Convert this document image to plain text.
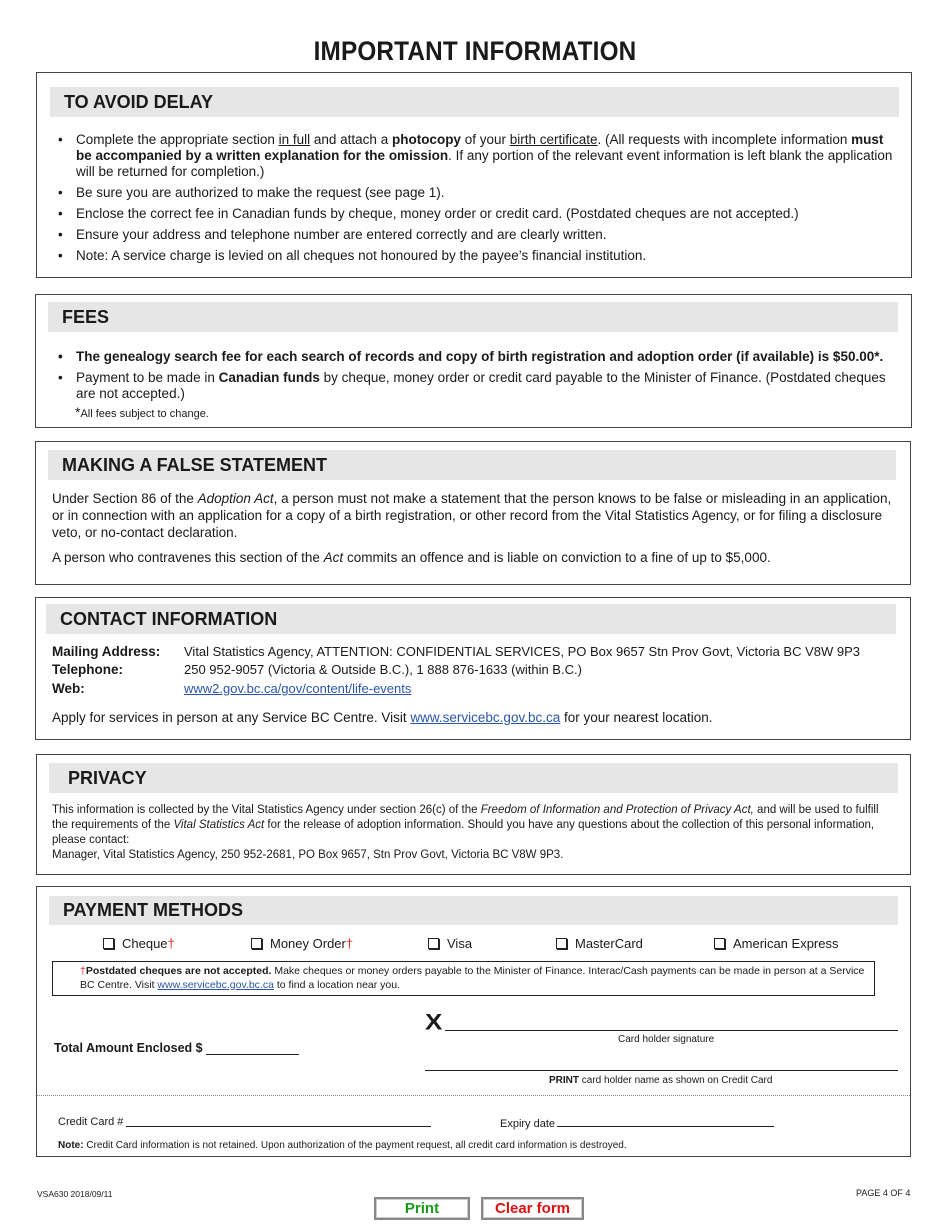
IMPORTANT INFORMATION
TO AVOID DELAY
• Complete the appropriate section in full and attach a photocopy of your birth certificate. (All requests with incomplete information must be accompanied by a written explanation for the omission. If any portion of the relevant event information is left blank the application will be returned for completion.)
• Be sure you are authorized to make the request (see page 1).
• Enclose the correct fee in Canadian funds by cheque, money order or credit card. (Postdated cheques are not accepted.)
• Ensure your address and telephone number are entered correctly and are clearly written.
• Note: A service charge is levied on all cheques not honoured by the payee’s financial institution.
FEES
• The genealogy search fee for each search of records and copy of birth registration and adoption order (if available) is $50.00*.
• Payment to be made in Canadian funds by cheque, money order or credit card payable to the Minister of Finance. (Postdated cheques are not accepted.)
*All fees subject to change.
MAKING A FALSE STATEMENT

Under Section 86 of the Adoption Act, a person must not make a statement that the person knows to be false or misleading in an application, or in connection with an application for a copy of a birth registration, or other record from the Vital Statistics Agency, or for filing a disclosure veto, or no-contact declaration.

A person who contravenes this section of the Act commits an offence and is liable on conviction to a fine of up to $5,000.

CONTACT INFORMATION
Mailing Address: Vital Statistics Agency, ATTENTION: CONFIDENTIAL SERVICES, PO Box 9657 Stn Prov Govt, Victoria BC V8W 9P3
Telephone:	250 952-9057 (Victoria & Outside B.C.), 1 888 876-1633 (within B.C.)
Web:	www2.gov.bc.ca/gov/content/life-events
Apply for services in person at any Service BC Centre. Visit www.servicebc.gov.bc.ca for your nearest location.
PRIVACY

This information is collected by the Vital Statistics Agency under section 26(c) of the Freedom of Information and Protection of Privacy Act, and will be used to fulfill the requirements of the Vital Statistics Act for the release of adoption information. Should you have any questions about the collection of this personal information, please contact:
Manager, Vital Statistics Agency, 250 952-2681, PO Box 9657, Stn Prov Govt, Victoria BC V8W 9P3.

PAYMENT METHODS
Cheque†	Money Order†	Visa	MasterCard	American Express
†Postdated cheques are not accepted. Make cheques or money orders payable to the Minister of Finance. Interac/Cash payments can be made in person at a Service BC Centre. Visit www.servicebc.gov.bc.ca to find a location near you.
X
Card holder signature
Total Amount Enclosed $
PRINT card holder name as shown on Credit Card
Credit Card #	Expiry date
Note: Credit Card information is not retained. Upon authorization of the payment request, all credit card information is destroyed.
VSA630 2018/09/11	PAGE 4 OF 4
Print	Clear form
